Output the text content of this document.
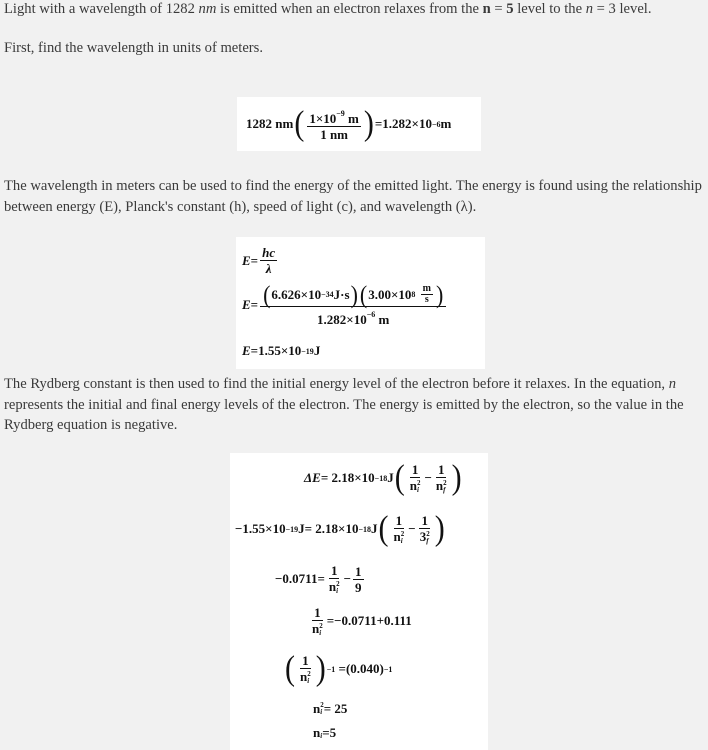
Light with a wavelength of 1282 nm is emitted when an electron relaxes from the n = 5 level to the n = 3 level.

First, find the wavelength in units of meters.

1282 nm ( $\frac{1\times 10^{-9} m}{1 nm}$ ) =1.282×10 −6 m

The wavelength in meters can be used to find the energy of the emitted light. The energy is found using the relationship between energy (E), Planck's constant (h), speed of light (c), and wavelength (λ).

$E = \frac{hc}{\lambda}$
E = ( 6.626×10 −34 J·s ) ( 3.00×10 8
$\frac{m}{s}$ )
$1.282\times 10^{-6}$ m
E =1.55×10 −19 J

The Rydberg constant is then used to find the initial energy level of the electron before it relaxes. In the equation, n represents the initial and final energy levels of the electron. The energy is emitted by the electron, so the value in the Rydberg equation is negative.

ΔE = 2.18×10 −18 J ( 1
n 2
i − 1
n 2
f )
−1.55×10 −19 J = 2.18×10 −18 J ( 1
n 2
i − 1
3 2
f )
−0.0711= 1
n 2
$i - \frac{1}{9}$
1
n 2
i =−0.0711+0.111
( 1
n 2
i ) −1
=(0.040) −1
n 2
i = 25
n
i =5
